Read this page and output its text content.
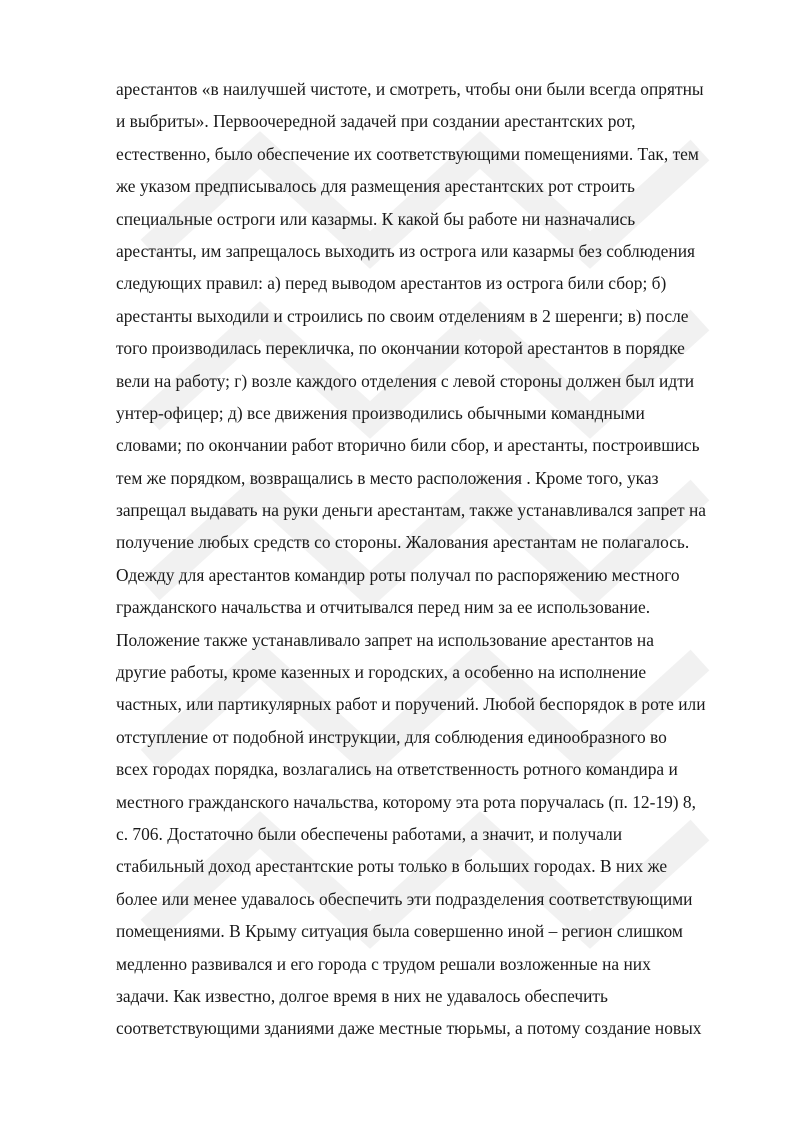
арестантов «в наилучшей чистоте, и смотреть, чтобы они были всегда опрятны
и выбриты». Первоочередной задачей при создании арестантских рот,
естественно, было обеспечение их соответствующими помещениями. Так, тем
же указом предписывалось для размещения арестантских рот строить
специальные остроги или казармы. К какой бы работе ни назначались
арестанты, им запрещалось выходить из острога или казармы без соблюдения
следующих правил: а) перед выводом арестантов из острога били сбор; б)
арестанты выходили и строились по своим отделениям в 2 шеренги; в) после
того производилась перекличка, по окончании которой арестантов в порядке
вели на работу; г) возле каждого отделения с левой стороны должен был идти
унтер-офицер; д) все движения производились обычными командными
словами; по окончании работ вторично били сбор, и арестанты, построившись
тем же порядком, возвращались в место расположения . Кроме того, указ
запрещал выдавать на руки деньги арестантам, также устанавливался запрет на
получение любых средств со стороны. Жалования арестантам не полагалось.
Одежду для арестантов командир роты получал по распоряжению местного
гражданского начальства и отчитывался перед ним за ее использование.
Положение также устанавливало запрет на использование арестантов на
другие работы, кроме казенных и городских, а особенно на исполнение
частных, или партикулярных работ и поручений. Любой беспорядок в роте или
отступление от подобной инструкции, для соблюдения единообразного во
всех городах порядка, возлагались на ответственность ротного командира и
местного гражданского начальства, которому эта рота поручалась (п. 12-19) 8,
с. 706. Достаточно были обеспечены работами, а значит, и получали
стабильный доход арестантские роты только в больших городах. В них же
более или менее удавалось обеспечить эти подразделения соответствующими
помещениями. В Крыму ситуация была совершенно иной – регион слишком
медленно развивался и его города с трудом решали возложенные на них
задачи. Как известно, долгое время в них не удавалось обеспечить
соответствующими зданиями даже местные тюрьмы, а потому создание новых
